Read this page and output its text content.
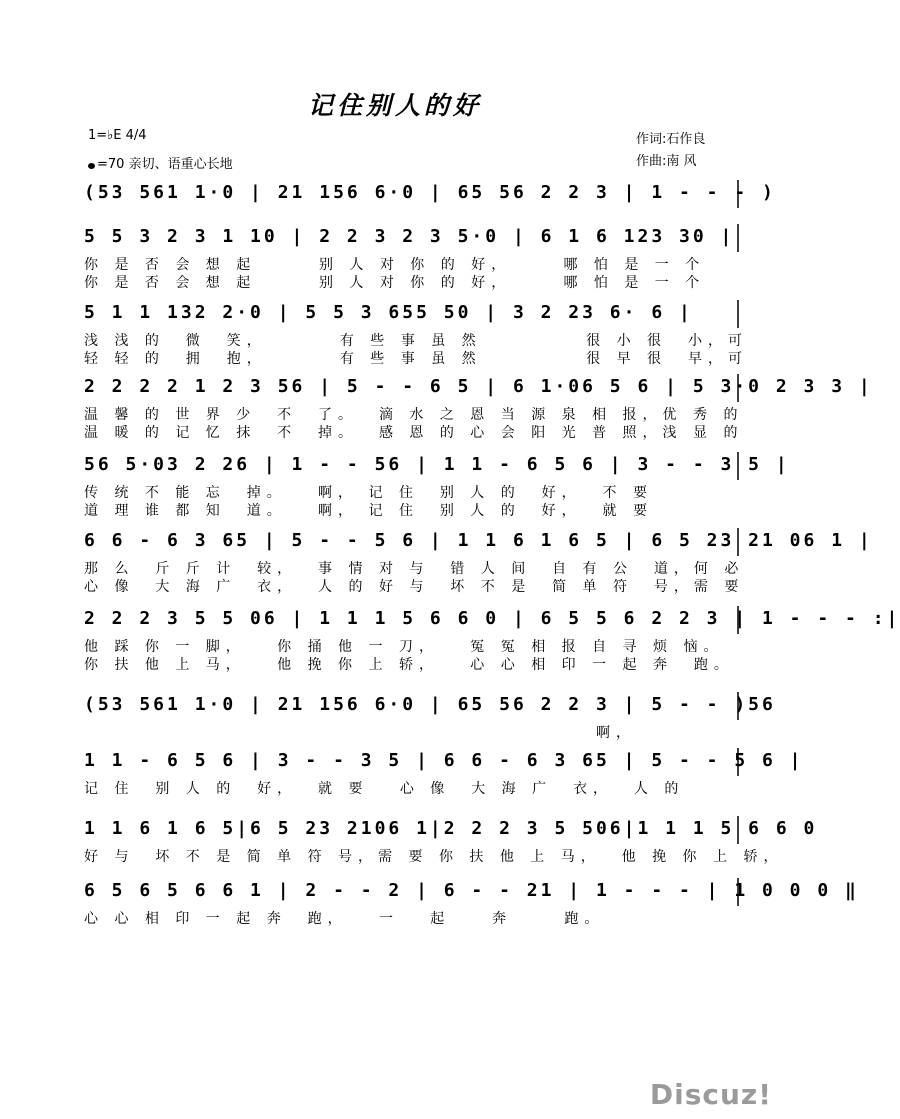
记住别人的好
1=♭E 4/4
=70 亲切、语重心长地
作词:石作良
作曲:南 风
(53 561 1·0 | 21 156 6·0 | 65 56 2 2 3 | 1 - - - )
5 5 3 2 3 1 10 | 2 2 3 2 3 5·0 | 6 1 6 123 30 |
你 是 否 会 想 起      别 人 对 你 的 好，     哪 怕 是 一 个
你 是 否 会 想 起      别 人 对 你 的 好，     哪 怕 是 一 个
5 1 1 132 2·0 | 5 5 3 655 50 | 3 2 23 6· 6 |
浅 浅 的  微  笑，       有 些 事 虽 然          很 小 很  小，可
轻 轻 的  拥  抱，       有 些 事 虽 然          很 早 很  早，可
2 2 2 2 1 2 3 56 | 5 - - 6 5 | 6 1·06 5 6 | 5 3·0 2 3 3 |
温 馨 的 世 界 少  不  了。  滴 水 之 恩 当 源 泉 相 报，优 秀 的
温 暖 的 记 忆 抹  不  掉。  感 恩 的 心 会 阳 光 普 照，浅 显 的
56 5·03 2 26 | 1 - - 56 | 1 1 - 6 5 6 | 3 - - 3 5 |
传 统 不 能 忘  掉。   啊， 记 住  别 人 的  好，  不 要
道 理 谁 都 知  道。   啊， 记 住  别 人 的  好，  就 要
6 6 - 6 3 65 | 5 - - 5 6 | 1 1 6 1 6 5 | 6 5 23 21 06 1 |
那 么  斤 斤 计  较，  事 情 对 与  错 人 间  自 有 公  道，何 必
心 像  大 海 广  衣，  人 的 好 与  坏 不 是  简 单 符  号，需 要
2 2 2 3 5 5 06 | 1 1 1 5 6 6 0 | 6 5 5 6 2 2 3 | 1 - - - :|
他 踩 你 一 脚，   你 捅 他 一 刀，   冤 冤 相 报 自 寻 烦 恼。
你 扶 他 上 马，   他 挽 你 上 轿，   心 心 相 印 一 起 奔  跑。
(53 561 1·0 | 21 156 6·0 | 65 56 2 2 3 | 5 - - )56
啊，
1 1 - 6 5 6 | 3 - - 3 5 | 6 6 - 6 3 65 | 5 - - 5 6 |
记 住  别 人 的  好，  就 要   心 像  大 海 广  衣，  人 的
1 1 6 1 6 5|6 5 23 2106 1|2 2 2 3 5 506|1 1 1 5 6 6 0
好 与  坏 不 是 简 单 符 号，需 要 你 扶 他 上 马，  他 挽 你 上 轿，
6 5 6 5 6 6 1 | 2 - - 2 | 6 - - 21 | 1 - - - | 1 0 0 0 ‖
心 心 相 印 一 起 奔  跑，   一   起    奔     跑。
Discuz!
